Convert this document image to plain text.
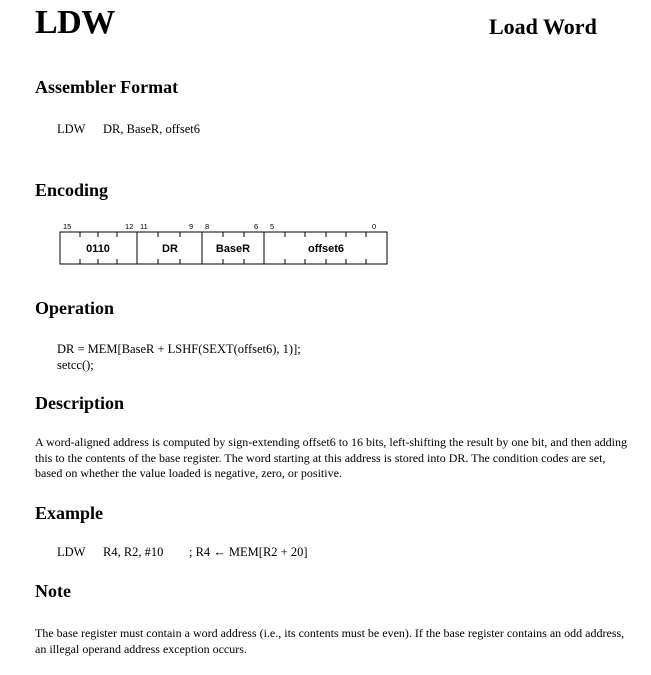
LDW	Load Word
Assembler Format
LDW DR, BaseR, offset6
Encoding
15	12 11	9 8	6 5	0
0110	DR	BaseR	offset6
Operation
DR = MEM[BaseR + LSHF(SEXT(offset6), 1)];
setcc();
Description
A word-aligned address is computed by sign-extending offset6 to 16 bits, left-shifting the result by one bit, and then adding this to the contents of the base register. The word starting at this address is stored into DR. The condition codes are set, based on whether the value loaded is negative, zero, or positive.
Example
LDW R4, R2, #10 ; R4 ← MEM[R2 + 20]
Note
The base register must contain a word address (i.e., its contents must be even). If the base register contains an odd address, an illegal operand address exception occurs.
